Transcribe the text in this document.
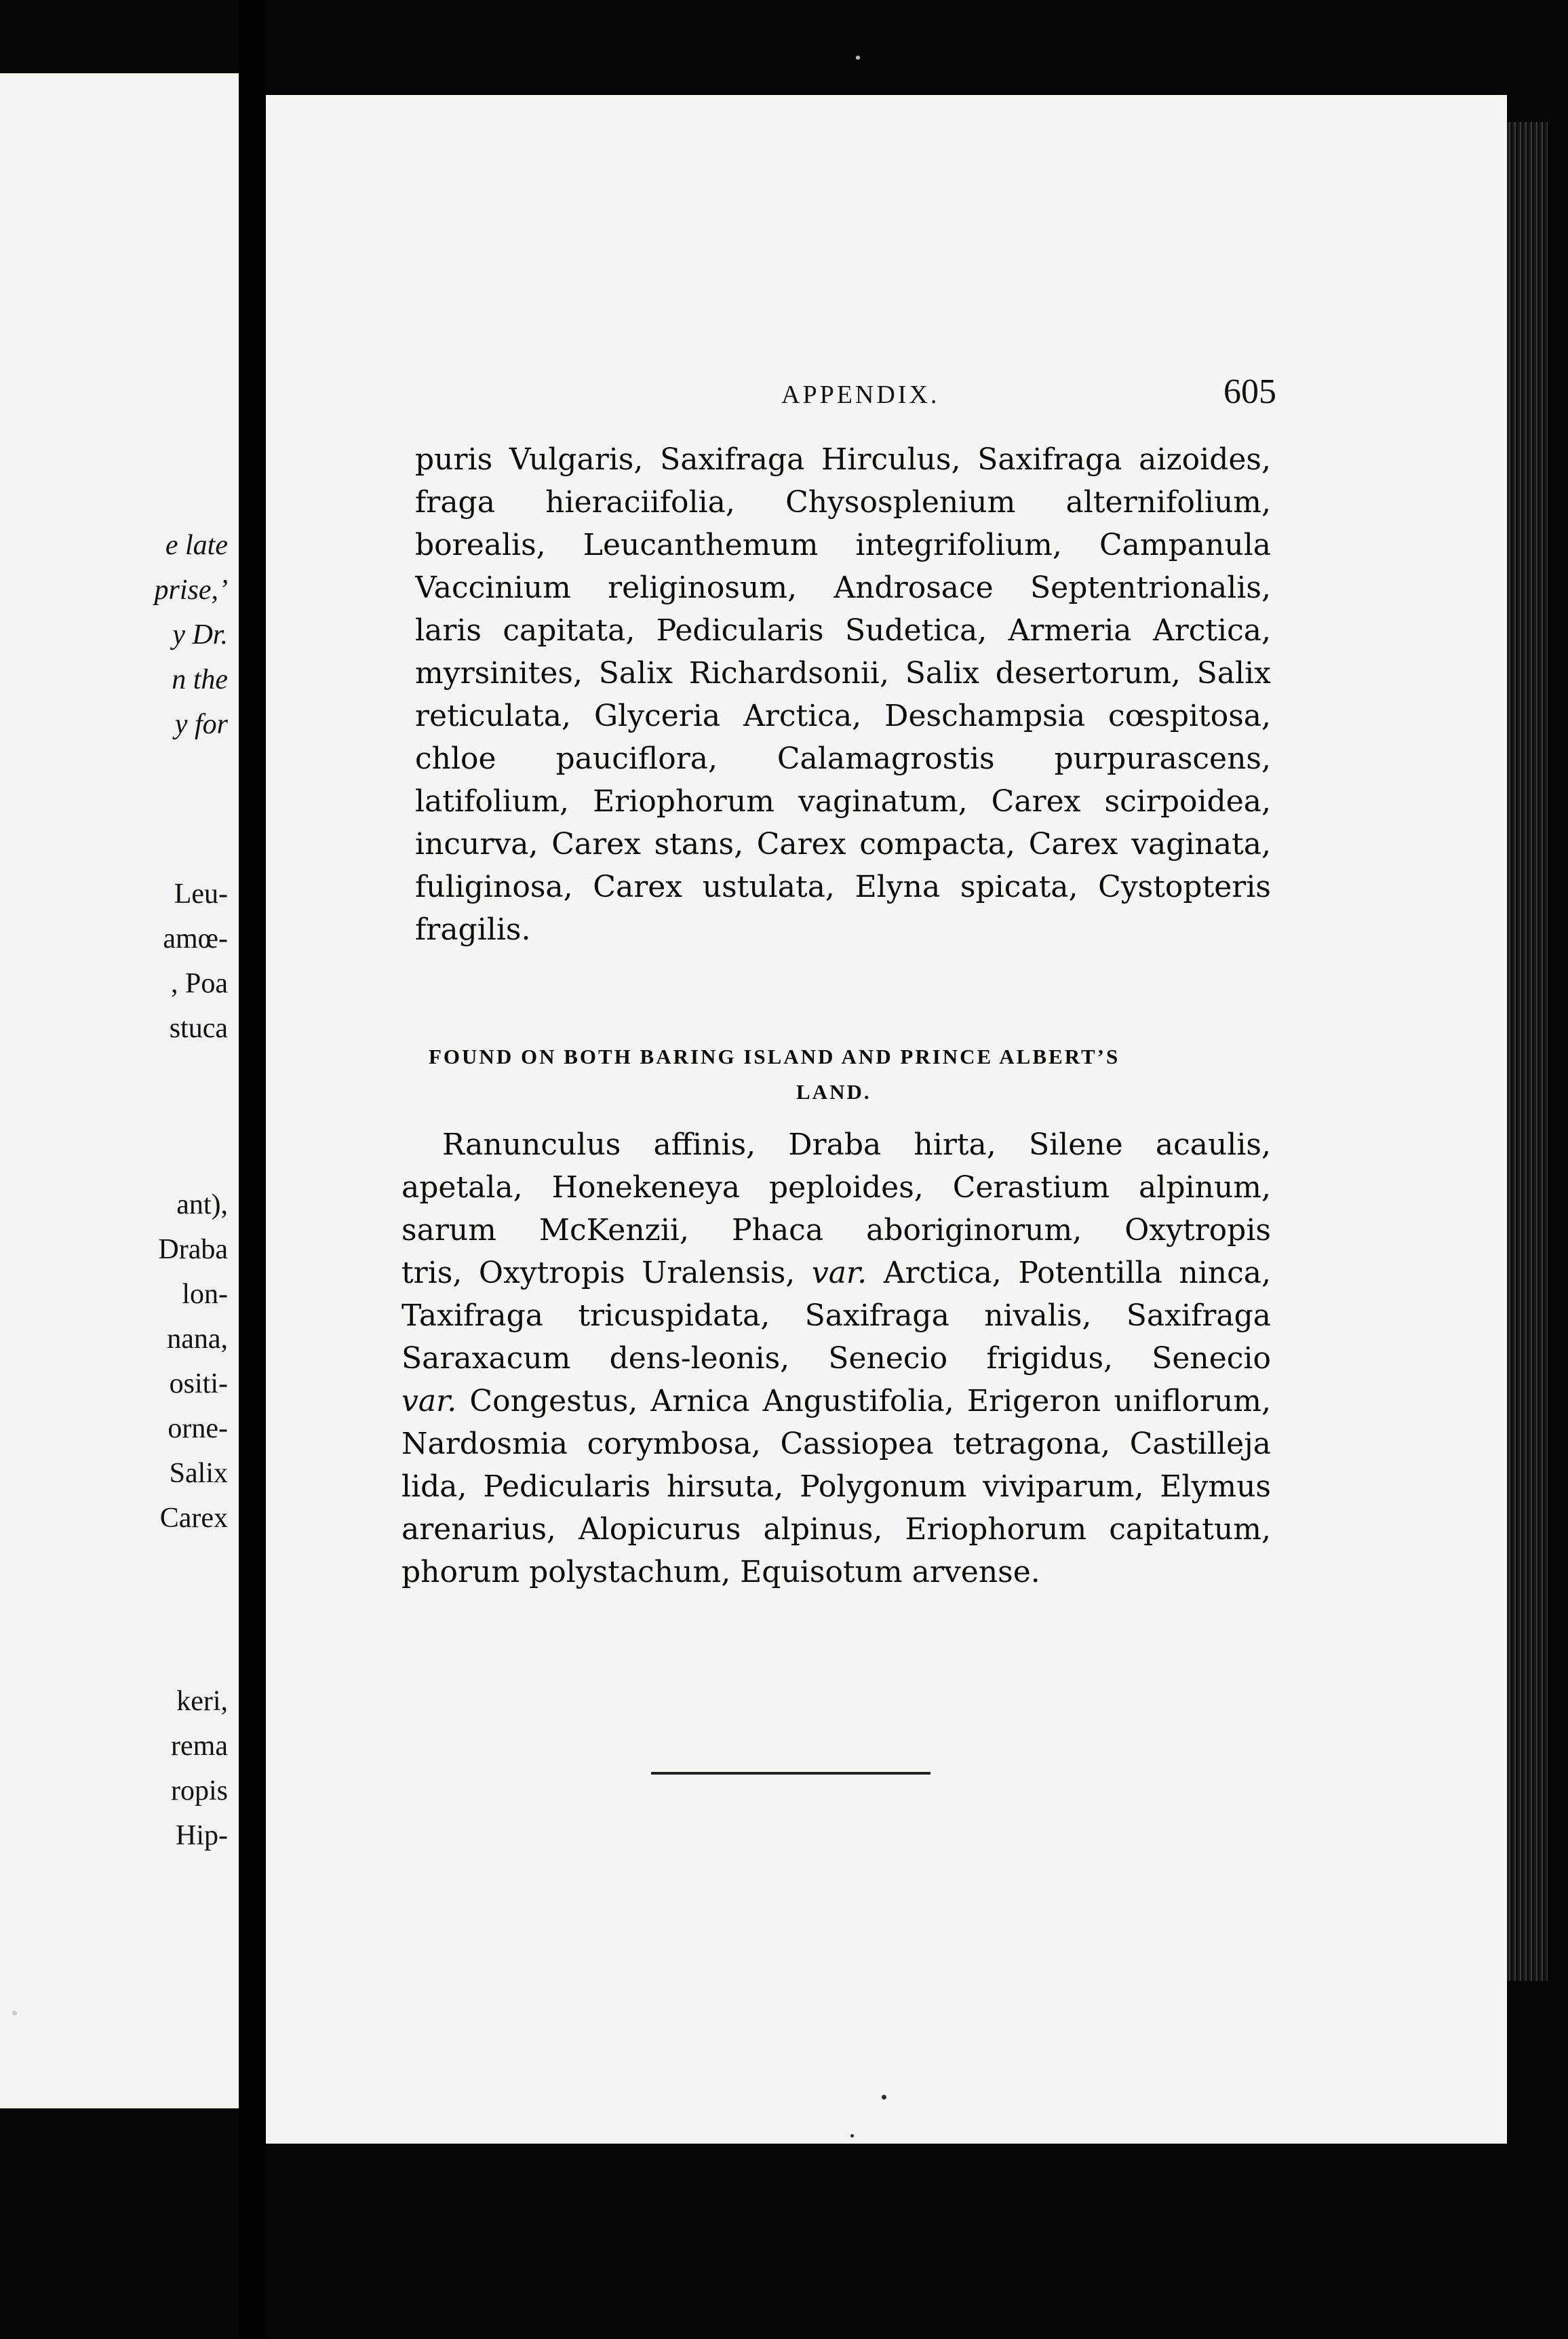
e late
prise,’
y Dr.
n the
y for
Leu-
amœ-
, Poa
stuca
ant),
Draba
lon-
nana,
ositi-
orne-
Salix
Carex
keri,
rema
ropis
Hip-
APPENDIX.	605
puris Vulgaris, Saxifraga Hirculus, Saxifraga aizoides,
fraga hieraciifolia, Chysosplenium alternifolium,
borealis, Leucanthemum integrifolium, Campanula
Vaccinium religinosum, Androsace Septentrionalis,
laris capitata, Pedicularis Sudetica, Armeria Arctica,
myrsinites, Salix Richardsonii, Salix desertorum, Salix
reticulata, Glyceria Arctica, Deschampsia cœspitosa,
chloe pauciflora, Calamagrostis purpurascens,
latifolium, Eriophorum vaginatum, Carex scirpoidea,
incurva, Carex stans, Carex compacta, Carex vaginata,
fuliginosa, Carex ustulata, Elyna spicata, Cystopteris
fragilis.
FOUND ON BOTH BARING ISLAND AND PRINCE ALBERT’S
LAND.
Ranunculus affinis, Draba hirta, Silene acaulis,
apetala, Honekeneya peploides, Cerastium alpinum,
sarum McKenzii, Phaca aboriginorum, Oxytropis
tris, Oxytropis Uralensis, var. Arctica, Potentilla ninca,
Taxifraga tricuspidata, Saxifraga nivalis, Saxifraga
Saraxacum dens-leonis, Senecio frigidus, Senecio
var. Congestus, Arnica Angustifolia, Erigeron uniflorum,
Nardosmia corymbosa, Cassiopea tetragona, Castilleja
lida, Pedicularis hirsuta, Polygonum viviparum, Elymus
arenarius, Alopicurus alpinus, Eriophorum capitatum,
phorum polystachum, Equisotum arvense.
